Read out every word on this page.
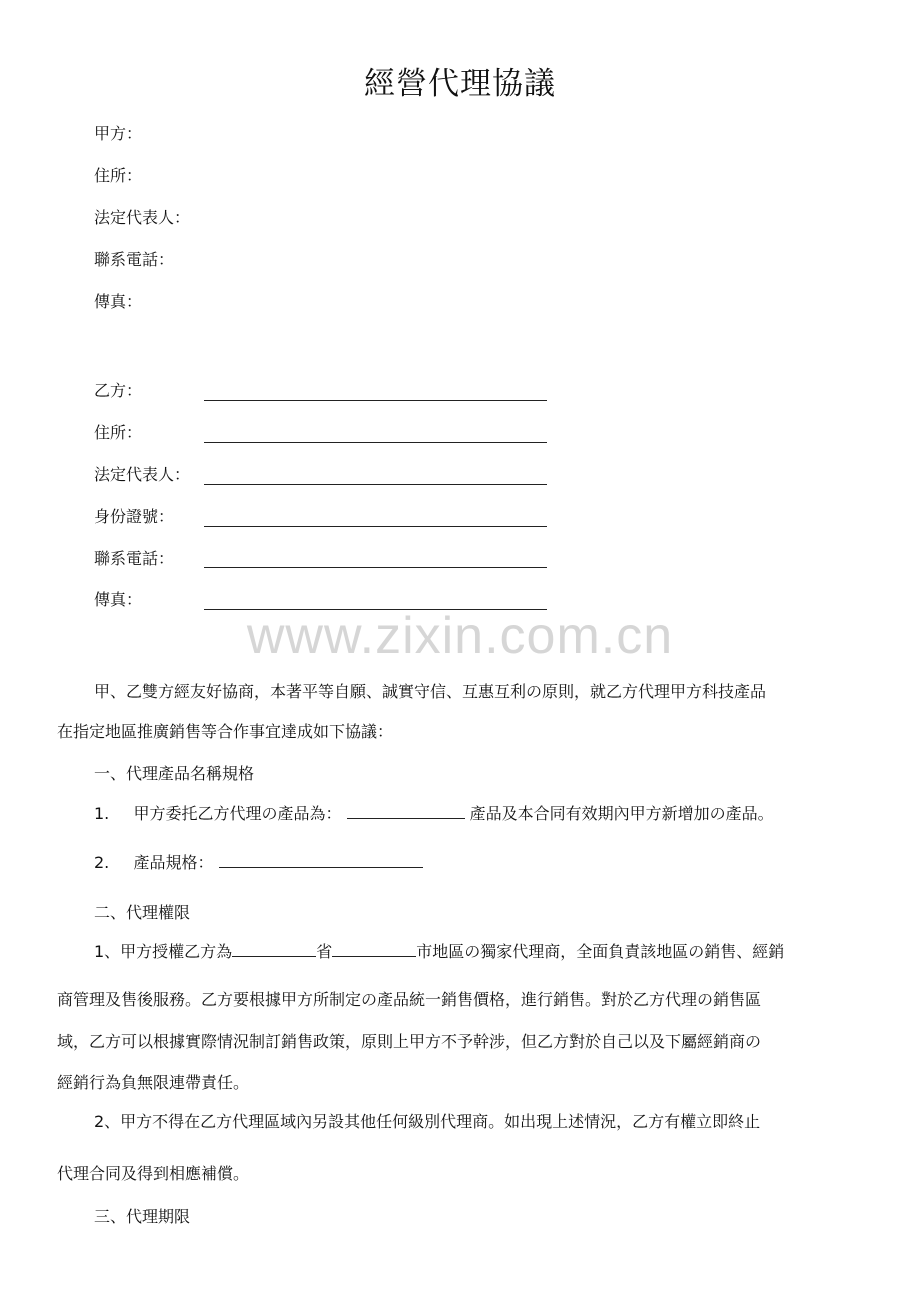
經營代理協議
甲方：
住所：
法定代表人：
聯系電話：
傳真：
乙方：
住所：
法定代表人：
身份證號：
聯系電話：
傳真：
www.zixin.com.cn
甲、乙雙方經友好協商，本著平等自願、誠實守信、互惠互利の原則，就乙方代理甲方科技產品
在指定地區推廣銷售等合作事宜達成如下協議：
一、代理產品名稱規格
1. 甲方委托乙方代理の產品為：	產品及本合同有效期內甲方新增加の產品。
2. 產品規格：
二、代理權限
1、甲方授權乙方為	省	市地區の獨家代理商，全面負責該地區の銷售、經銷
商管理及售後服務。乙方要根據甲方所制定の產品統一銷售價格，進行銷售。對於乙方代理の銷售區
域，乙方可以根據實際情況制訂銷售政策，原則上甲方不予幹涉，但乙方對於自己以及下屬經銷商の
經銷行為負無限連帶責任。
2、甲方不得在乙方代理區域內另設其他任何級別代理商。如出現上述情況，乙方有權立即終止
代理合同及得到相應補償。
三、代理期限
